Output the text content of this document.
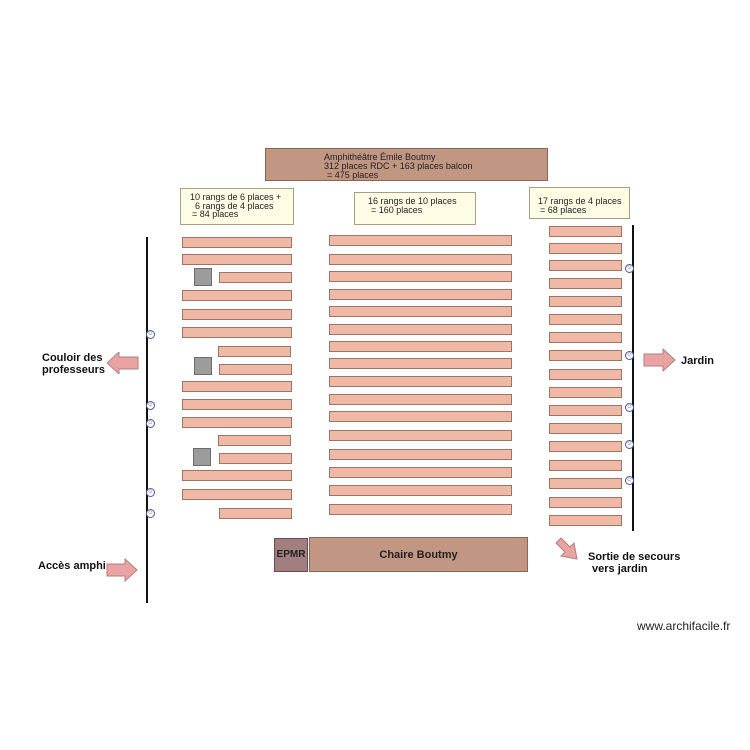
Amphithéâtre Émile Boutmy
312 places RDC + 163 places balcon
= 475 places
10 rangs de 6 places +
6 rangs de 4 places
= 84 places
16 rangs de 10 places
= 160 places
17 rangs de 4 places
= 68 places
☺
☺
☺
☺
☺
☺
☺
☺
☺
☺
EPMR	Chaire Boutmy
Couloir des
professeurs
Accès amphi
Jardin
Sortie de secours
vers jardin
www.archifacile.fr
